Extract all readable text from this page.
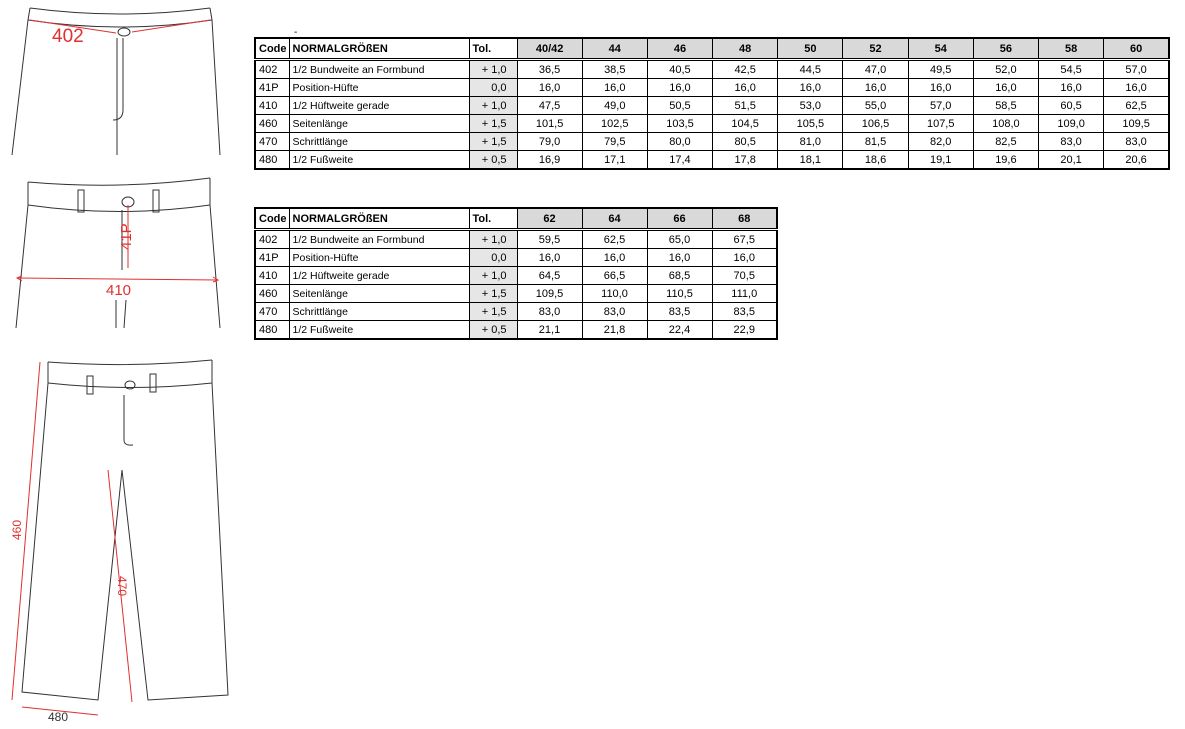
402
41P
410
460
470
480
-
Code	NORMALGRÖßEN	Tol.	40/42	44	46	48	50	52	54	56	58	60
402	1/2 Bundweite an Formbund	+ 1,0	36,5	38,5	40,5	42,5	44,5	47,0	49,5	52,0	54,5	57,0
41P	Position-Hüfte	0,0	16,0	16,0	16,0	16,0	16,0	16,0	16,0	16,0	16,0	16,0
410	1/2 Hüftweite gerade	+ 1,0	47,5	49,0	50,5	51,5	53,0	55,0	57,0	58,5	60,5	62,5
460	Seitenlänge	+ 1,5	101,5	102,5	103,5	104,5	105,5	106,5	107,5	108,0	109,0	109,5
470	Schrittlänge	+ 1,5	79,0	79,5	80,0	80,5	81,0	81,5	82,0	82,5	83,0	83,0
480	1/2 Fußweite	+ 0,5	16,9	17,1	17,4	17,8	18,1	18,6	19,1	19,6	20,1	20,6
Code	NORMALGRÖßEN	Tol.	62	64	66	68
402	1/2 Bundweite an Formbund	+ 1,0	59,5	62,5	65,0	67,5
41P	Position-Hüfte	0,0	16,0	16,0	16,0	16,0
410	1/2 Hüftweite gerade	+ 1,0	64,5	66,5	68,5	70,5
460	Seitenlänge	+ 1,5	109,5	110,0	110,5	111,0
470	Schrittlänge	+ 1,5	83,0	83,0	83,5	83,5
480	1/2 Fußweite	+ 0,5	21,1	21,8	22,4	22,9
